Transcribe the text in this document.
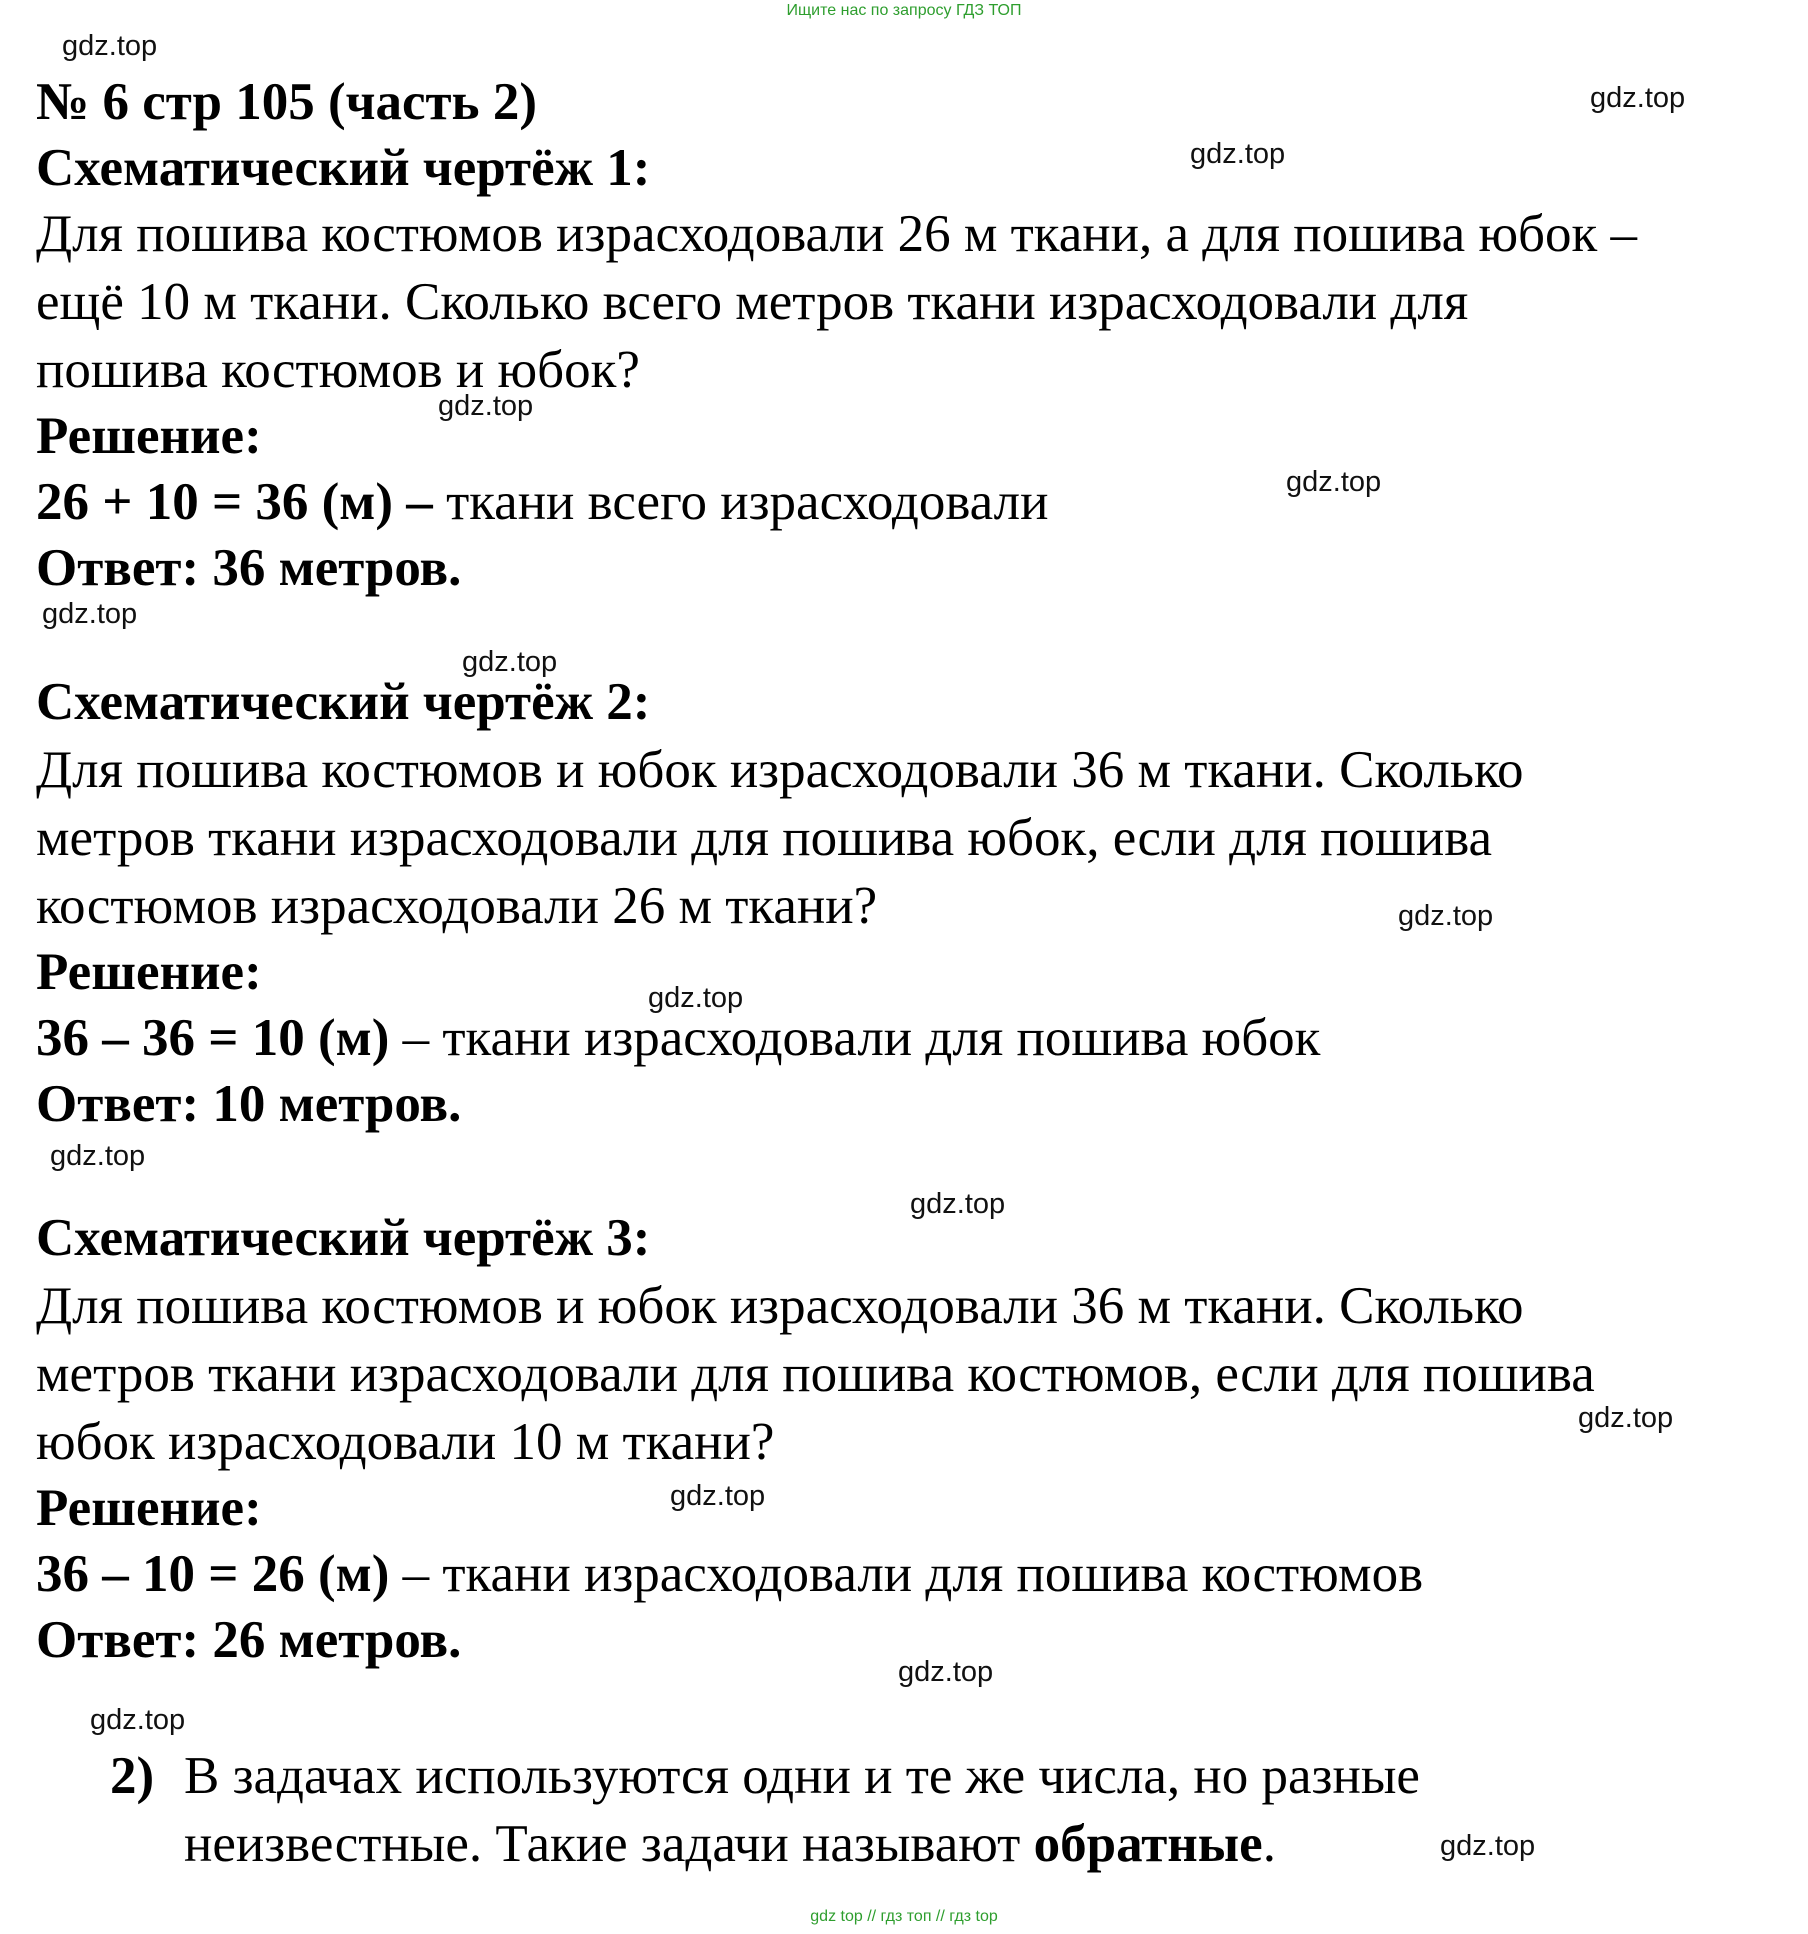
Ищите нас по запросу ГДЗ ТОП
gdz.top
gdz.top
gdz.top
gdz.top
gdz.top
gdz.top
gdz.top
gdz.top
gdz.top
gdz.top
gdz.top
gdz.top
gdz.top
gdz.top
gdz.top
gdz.top
№ 6 стр 105 (часть 2)
Схематический чертёж 1:
Для пошива костюмов израсходовали 26 м ткани, а для пошива юбок –
ещё 10 м ткани. Сколько всего метров ткани израсходовали для
пошива костюмов и юбок?
Решение:
26 + 10 = 36 (м) – ткани всего израсходовали
Ответ: 36 метров.
Схематический чертёж 2:
Для пошива костюмов и юбок израсходовали 36 м ткани. Сколько
метров ткани израсходовали для пошива юбок, если для пошива
костюмов израсходовали 26 м ткани?
Решение:
36 – 36 = 10 (м) – ткани израсходовали для пошива юбок
Ответ: 10 метров.
Схематический чертёж 3:
Для пошива костюмов и юбок израсходовали 36 м ткани. Сколько
метров ткани израсходовали для пошива костюмов, если для пошива
юбок израсходовали 10 м ткани?
Решение:
36 – 10 = 26 (м) – ткани израсходовали для пошива костюмов
Ответ: 26 метров.
2) В задачах используются одни и те же числа, но разные
неизвестные. Такие задачи называют обратные.
gdz top // гдз топ // гдз top
